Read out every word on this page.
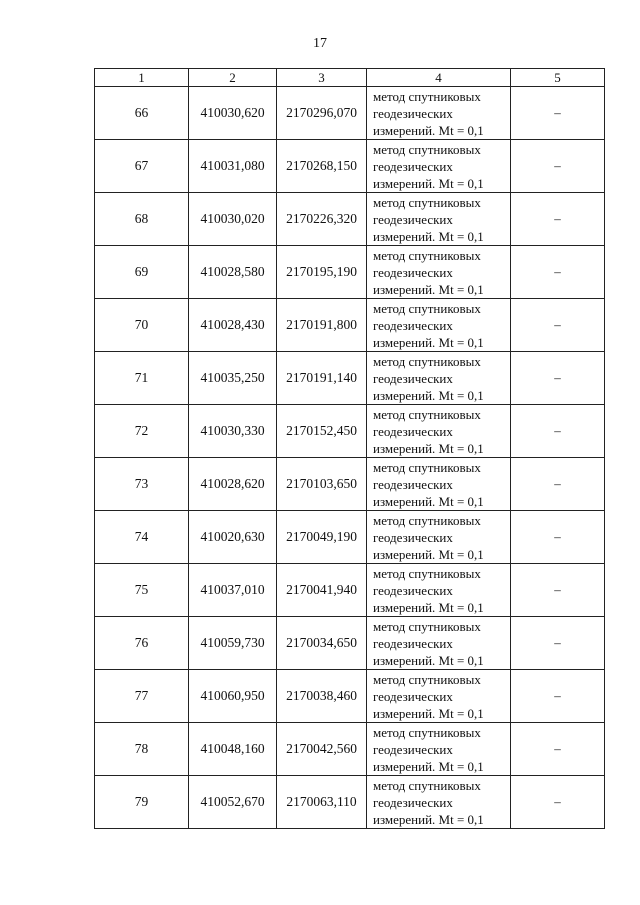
17
1	2	3	4	5
66	410030,620	2170296,070	метод спутниковых
геодезических
измерений. Mt = 0,1	–
67	410031,080	2170268,150	метод спутниковых
геодезических
измерений. Mt = 0,1	–
68	410030,020	2170226,320	метод спутниковых
геодезических
измерений. Mt = 0,1	–
69	410028,580	2170195,190	метод спутниковых
геодезических
измерений. Mt = 0,1	–
70	410028,430	2170191,800	метод спутниковых
геодезических
измерений. Mt = 0,1	–
71	410035,250	2170191,140	метод спутниковых
геодезических
измерений. Mt = 0,1	–
72	410030,330	2170152,450	метод спутниковых
геодезических
измерений. Mt = 0,1	–
73	410028,620	2170103,650	метод спутниковых
геодезических
измерений. Mt = 0,1	–
74	410020,630	2170049,190	метод спутниковых
геодезических
измерений. Mt = 0,1	–
75	410037,010	2170041,940	метод спутниковых
геодезических
измерений. Mt = 0,1	–
76	410059,730	2170034,650	метод спутниковых
геодезических
измерений. Mt = 0,1	–
77	410060,950	2170038,460	метод спутниковых
геодезических
измерений. Mt = 0,1	–
78	410048,160	2170042,560	метод спутниковых
геодезических
измерений. Mt = 0,1	–
79	410052,670	2170063,110	метод спутниковых
геодезических
измерений. Mt = 0,1	–
